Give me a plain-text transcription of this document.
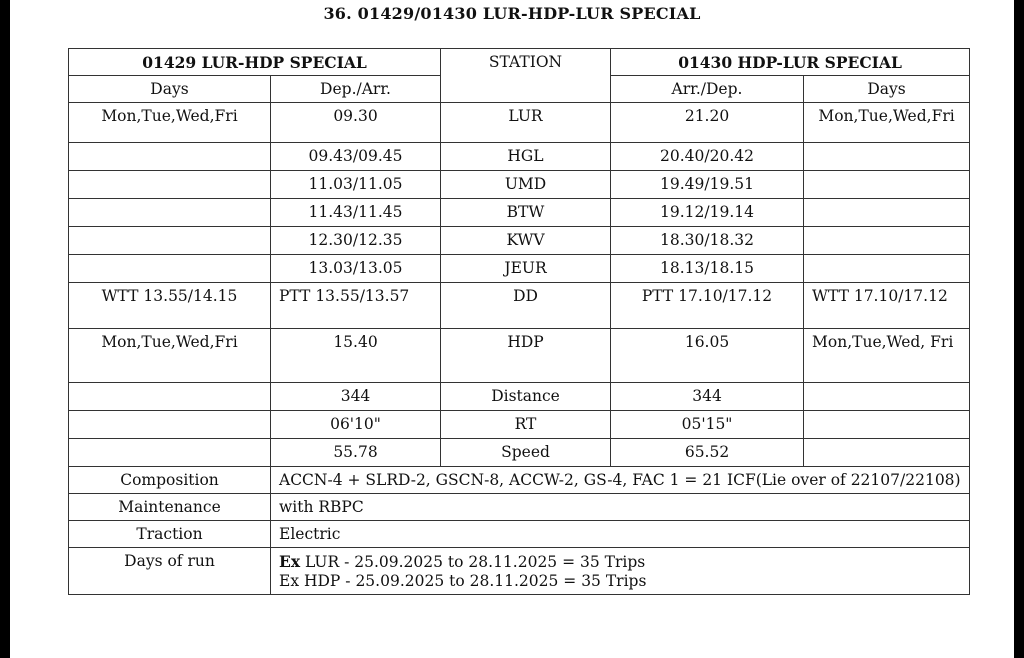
36. 01429/01430 LUR-HDP-LUR SPECIAL
01429 LUR-HDP SPECIAL		STATION	01430 HDP-LUR SPECIAL	
Days	Dep./Arr.		Arr./Dep.	Days
Mon,Tue,Wed,Fri	09.30	LUR	21.20	Mon,Tue,Wed,Fri
	09.43/09.45	HGL	20.40/20.42	
	11.03/11.05	UMD	19.49/19.51	
	11.43/11.45	BTW	19.12/19.14	
	12.30/12.35	KWV	18.30/18.32	
	13.03/13.05	JEUR	18.13/18.15	
WTT 13.55/14.15	PTT 13.55/13.57	DD	PTT 17.10/17.12	WTT 17.10/17.12
Mon,Tue,Wed,Fri	15.40	HDP	16.05	Mon,Tue,Wed, Fri
	344	Distance	344	
	06'10"	RT	05'15"	
	55.78	Speed	65.52	
Composition	ACCN-4 + SLRD-2, GSCN-8, ACCW-2, GS-4, FAC 1 = 21 ICF(Lie over of 22107/22108)			
Maintenance	with RBPC			
Traction	Electric			
Days of run	Ex LUR - 25.09.2025 to 28.11.2025 = 35 Trips
Ex HDP - 25.09.2025 to 28.11.2025 = 35 Trips			
